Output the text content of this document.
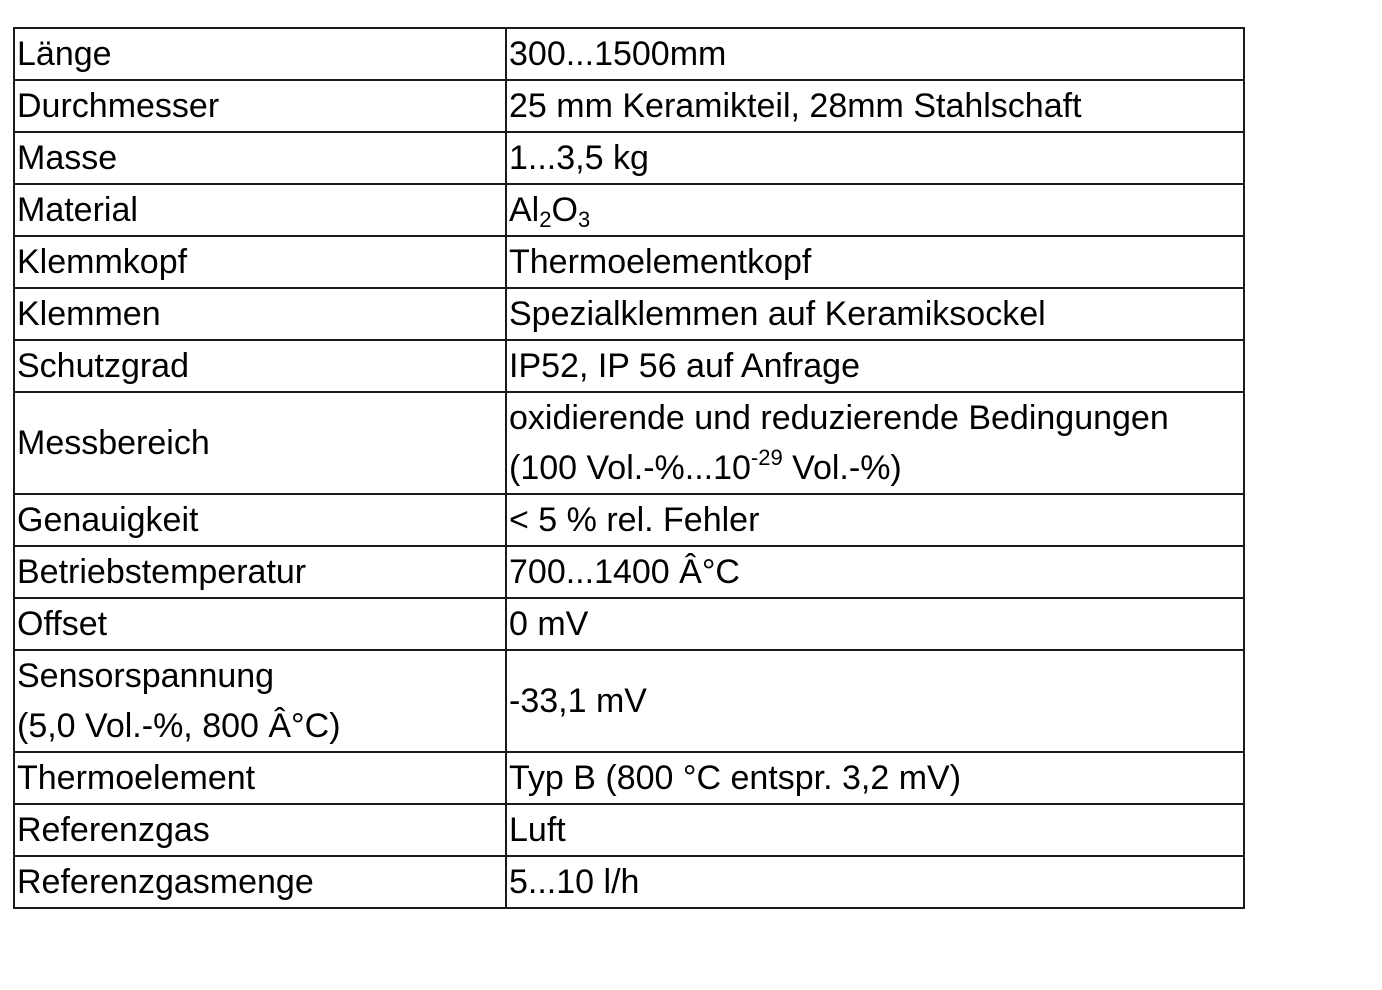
Länge	300...1500mm
Durchmesser	25 mm Keramikteil, 28mm Stahlschaft
Masse	1...3,5 kg
Material	$Al_2O_3$
Klemmkopf	Thermoelementkopf
Klemmen	Spezialklemmen auf Keramiksockel
Schutzgrad	IP52, IP 56 auf Anfrage
Messbereich	oxidierende und reduzierende Bedingungen
(100 $Vol.-\%...10^{-29}$ Vol.-%)

Genauigkeit	< 5 % rel. Fehler
Betriebstemperatur	700...1400 Â°C
Offset	0 mV

Sensorspannung
(5,0 Vol.-%, 800 Â°C)	-33,1 mV
Thermoelement	Typ B (800 °C entspr. 3,2 mV)
Referenzgas	Luft
Referenzgasmenge	5...10 l/h
